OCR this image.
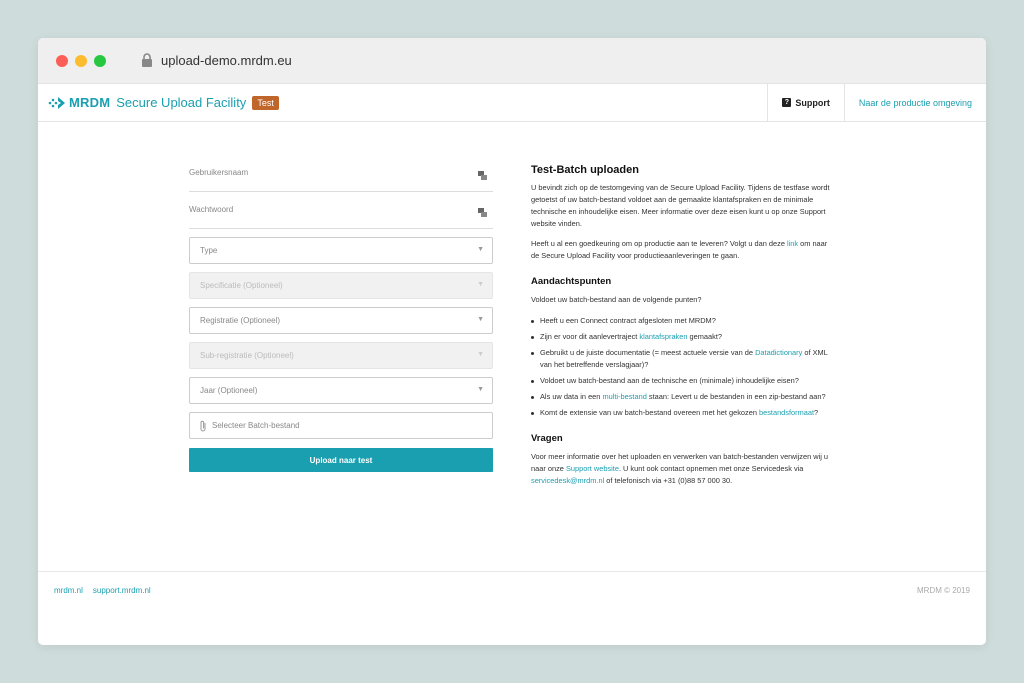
upload-demo.mrdm.eu
MRDM Secure Upload Facility	Test	? Support	Naar de productie omgeving
Gebruikersnaam
Wachtwoord
Type	▼
Specificatie (Optioneel)	▼
Registratie (Optioneel)	▼
Sub-registratie (Optioneel)	▼
Jaar (Optioneel)	▼
Selecteer Batch-bestand
Upload naar test
Test-Batch uploaden

U bevindt zich op de testomgeving van de Secure Upload Facility. Tijdens de testfase wordt getoetst of uw batch-bestand voldoet aan de gemaakte klantafspraken en de minimale technische en inhoudelijke eisen. Meer informatie over deze eisen kunt u op onze Support website vinden.

Heeft u al een goedkeuring om op productie aan te leveren? Volgt u dan deze link om naar de Secure Upload Facility voor productieaanleveringen te gaan.

Aandachtspunten

Voldoet uw batch-bestand aan de volgende punten?

Heeft u een Connect contract afgesloten met MRDM?
Zijn er voor dit aanlevertraject klantafspraken gemaakt?
Gebruikt u de juiste documentatie (= meest actuele versie van de Datadictionary of XML van het betreffende verslagjaar)?
Voldoet uw batch-bestand aan de technische en (minimale) inhoudelijke eisen?
Als uw data in een multi-bestand staan: Levert u de bestanden in een zip-bestand aan?
Komt de extensie van uw batch-bestand overeen met het gekozen bestandsformaat?
Vragen

Voor meer informatie over het uploaden en verwerken van batch-bestanden verwijzen wij u naar onze Support website. U kunt ook contact opnemen met onze Servicedesk via servicedesk@mrdm.nl of telefonisch via +31 (0)88 57 000 30.

mrdm.nl support.mrdm.nl	MRDM © 2019
